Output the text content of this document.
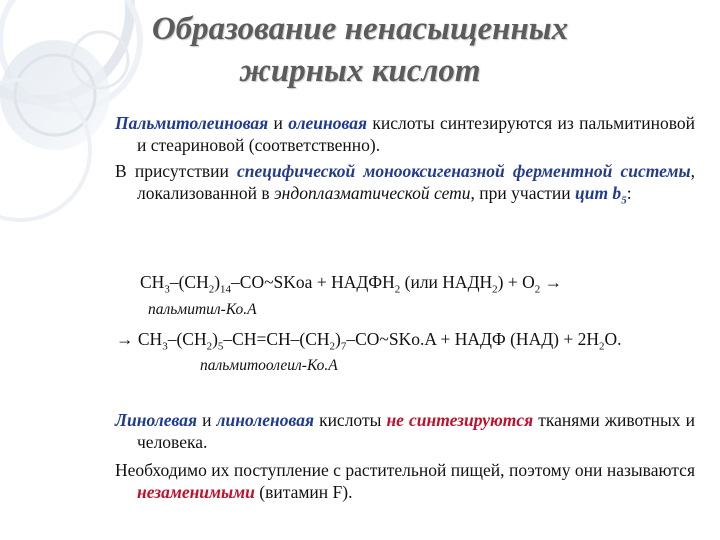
Образование ненасыщенных
жирных кислот
Пальмитолеиновая и олеиновая кислоты синтезируются из пальмитиновой и стеариновой (соответственно).
В присутствии специфической монооксигеназной ферментной системы, локализованной в эндоплазматической сети, при участии цит $b_5$:
$CH_3-(CH_2)_{14}-CO\sim SKoa$ + $НАДФН_2$ (или $НАДН_2) + O_2$ →
пальмитил-Ко.А
→ $CH_3-(CH_2)_5-CH=CH-(CH_2)_7-CO\sim SKo.A$ + НАДФ $(НАД) + 2H_2O$.
пальмитоолеил-Ко.А
Линолевая и линоленовая кислоты не синтезируются тканями животных и человека.
Необходимо их поступление с растительной пищей, поэтому они называются незаменимыми (витамин F).
